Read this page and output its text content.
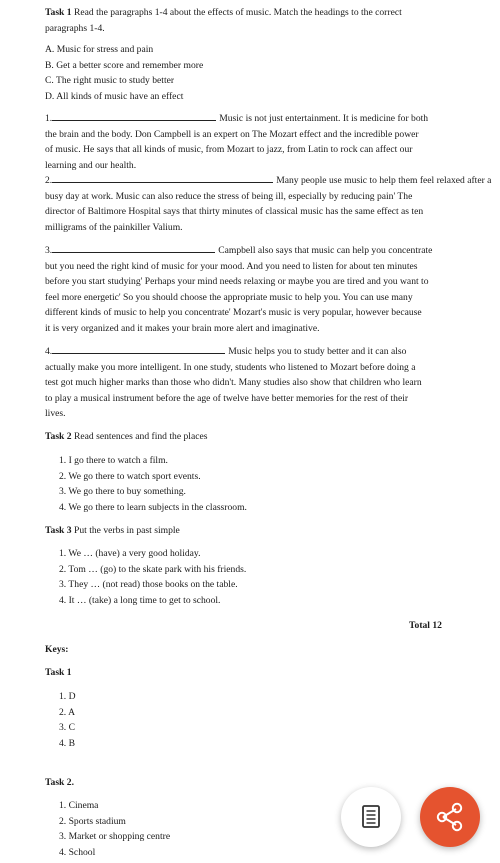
Task 1 Read the paragraphs 1-4 about the effects of music. Match the headings to the correct
paragraphs 1-4.
A. Music for stress and pain
B. Get a better score and remember more
C. The right music to study better
D. All kinds of music have an effect
1.	Music is not just entertainment. It is medicine for both
the brain and the body. Don Campbell is an expert on The Mozart effect and the incredible power
of music. He says that all kinds of music, from Mozart to jazz, from Latin to rock can affect our
learning and our health.
2.	Many people use music to help them feel relaxed after a
busy day at work. Music can also reduce the stress of being ill, especially by reducing pain' The
director of Baltimore Hospital says that thirty minutes of classical music has the same effect as ten
milligrams of the painkiller Valium.
3.	Campbell also says that music can help you concentrate
but you need the right kind of music for your mood. And you need to listen for about ten minutes
before you start studying' Perhaps your mind needs relaxing or maybe you are tired and you want to
feel more energetic' So you should choose the appropriate music to help you. You can use many
different kinds of music to help you concentrate' Mozart's music is very popular, however because
it is very organized and it makes your brain more alert and imaginative.
4.	Music helps you to study better and it can also
actually make you more intelligent. In one study, students who listened to Mozart before doing a
test got much higher marks than those who didn't. Many studies also show that children who learn
to play a musical instrument before the age of twelve have better memories for the rest of their
lives.
Task 2 Read sentences and find the places
1. I go there to watch a film.
2. We go there to watch sport events.
3. We go there to buy something.
4. We go there to learn subjects in the classroom.
Task 3 Put the verbs in past simple
1. We … (have) a very good holiday.
2. Tom … (go) to the skate park with his friends.
3. They … (not read) those books on the table.
4. It … (take) a long time to get to school.
Total 12
Keys:
Task 1
1. D
2. A
3. C
4. B
Task 2.
1. Cinema
2. Sports stadium
3. Market or shopping centre
4. School
